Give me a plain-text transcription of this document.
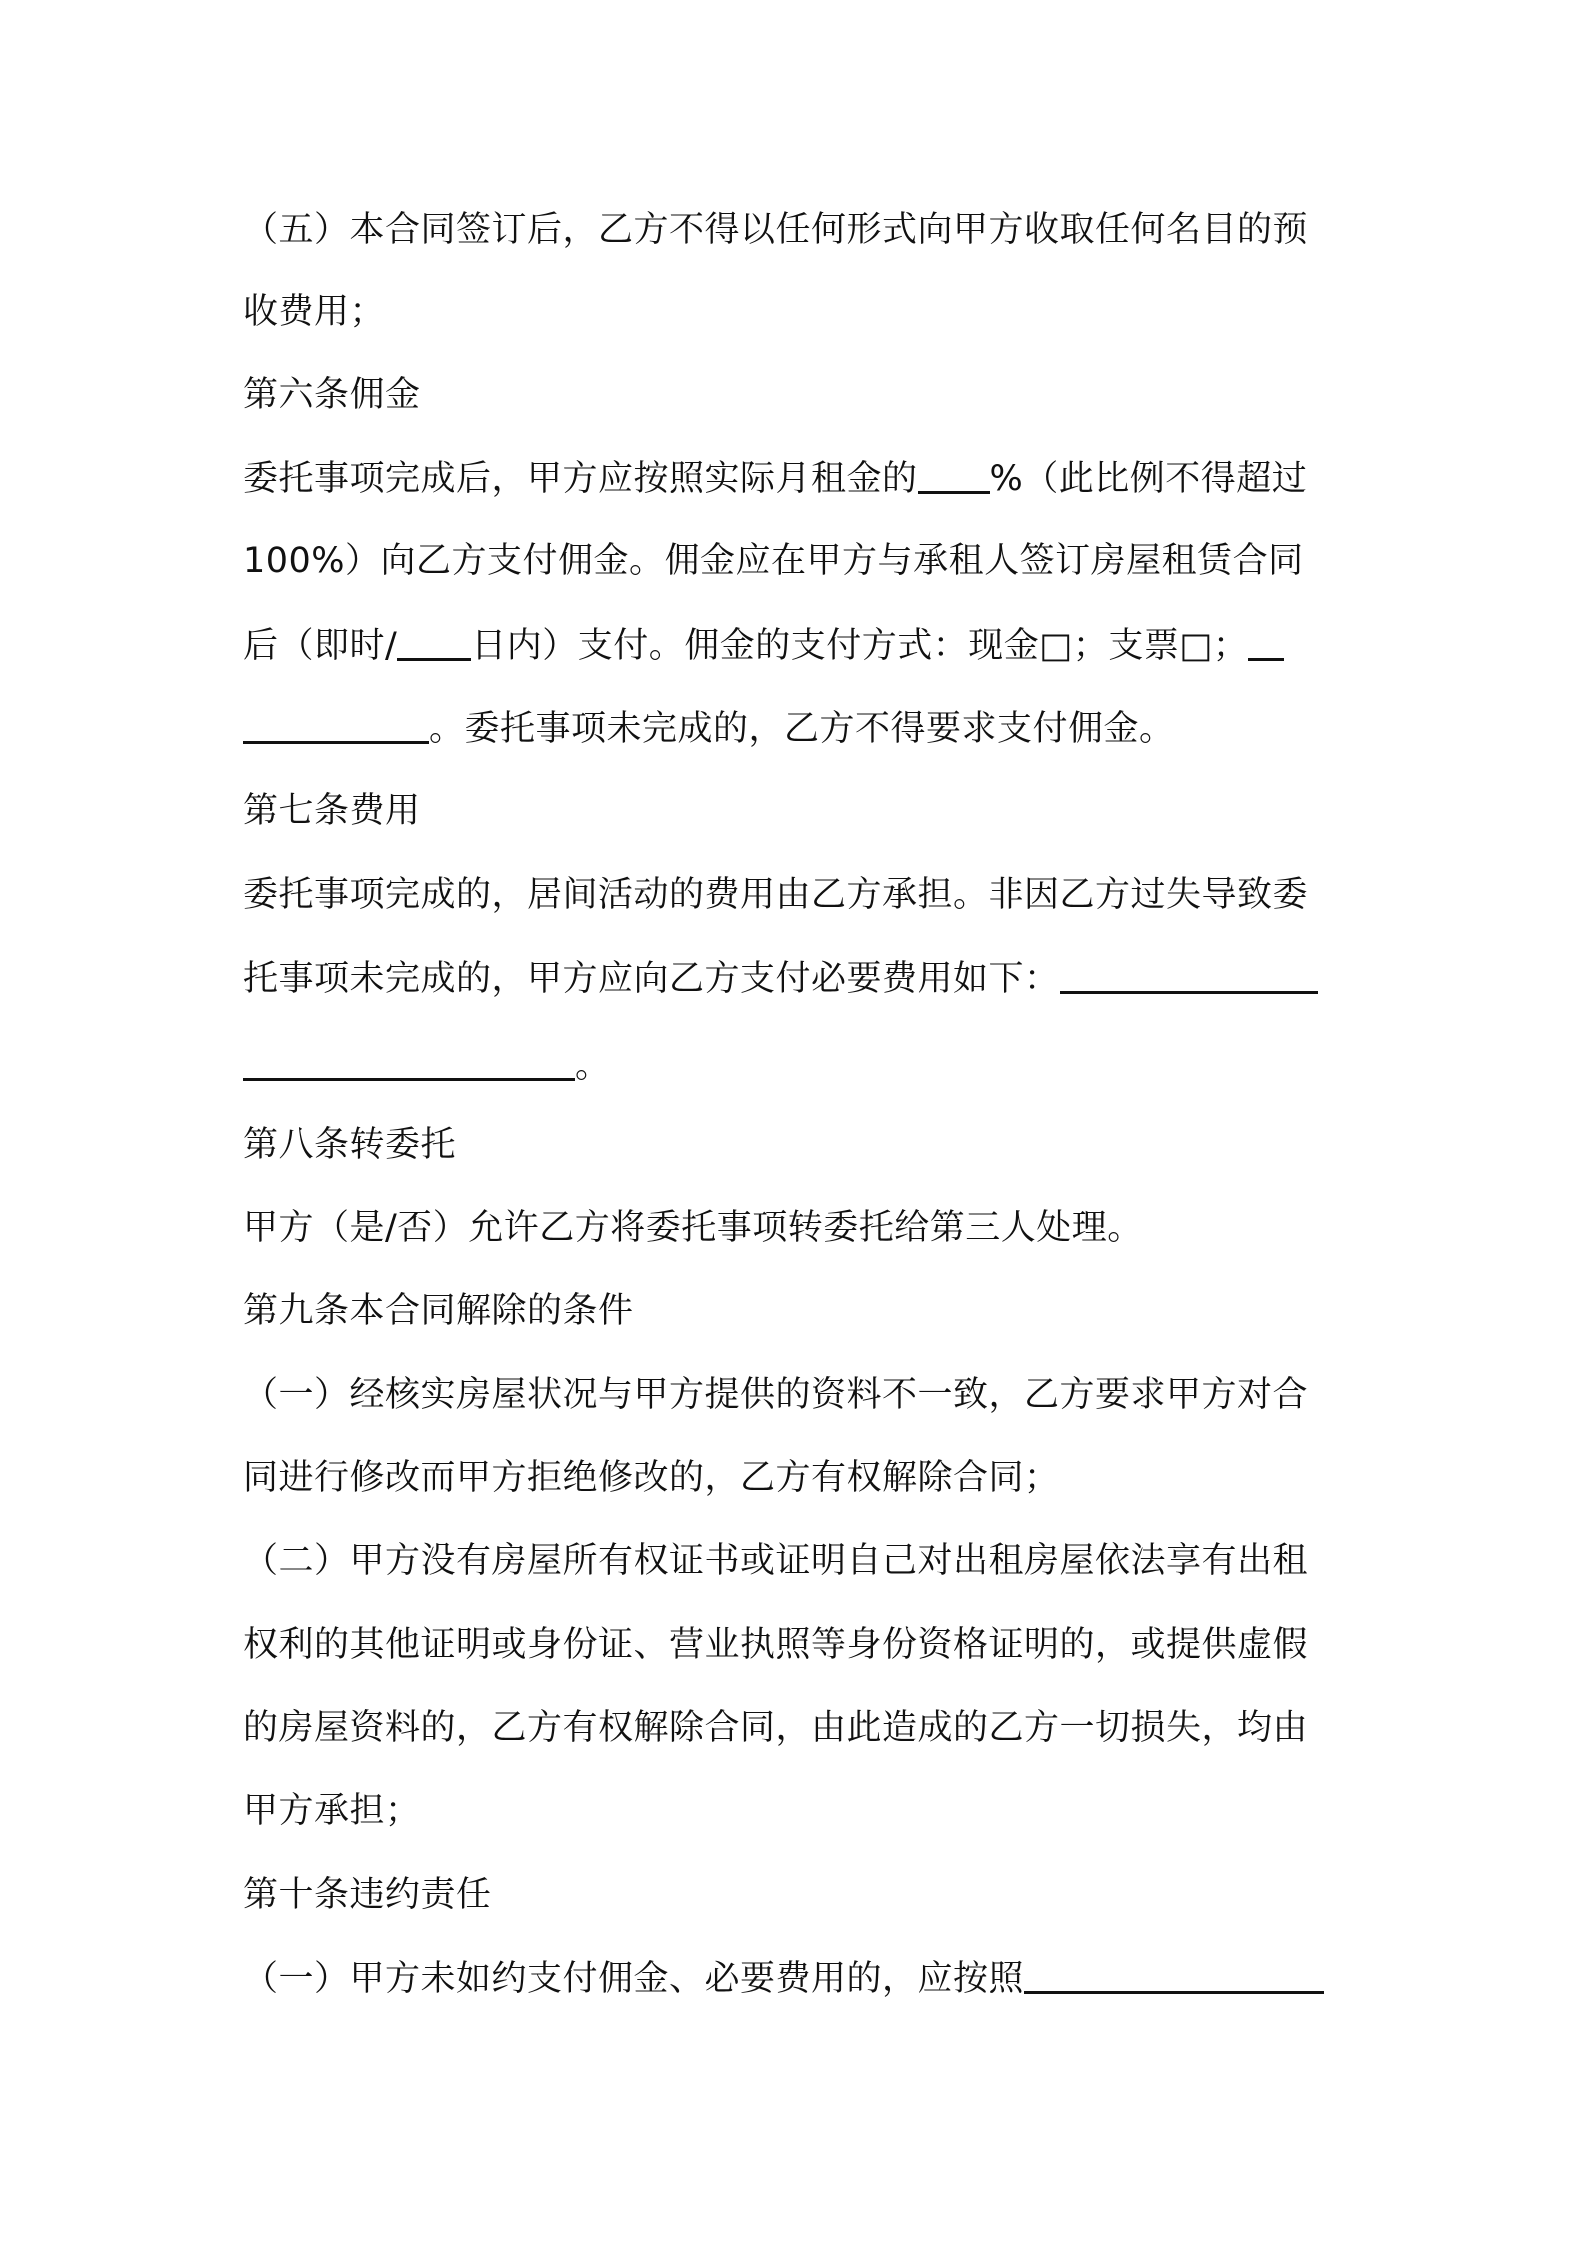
（五）本合同签订后，乙方不得以任何形式向甲方收取任何名目的预
收费用；
第六条佣金
委托事项完成后，甲方应按照实际月租金的 %（此比例不得超过
100%）向乙方支付佣金。佣金应在甲方与承租人签订房屋租赁合同
后（即时/ 日内）支付。佣金的支付方式：现金□；支票□；
。委托事项未完成的，乙方不得要求支付佣金。
第七条费用
委托事项完成的，居间活动的费用由乙方承担。非因乙方过失导致委
托事项未完成的，甲方应向乙方支付必要费用如下：
。
第八条转委托
甲方（是/否）允许乙方将委托事项转委托给第三人处理。
第九条本合同解除的条件
（一）经核实房屋状况与甲方提供的资料不一致，乙方要求甲方对合
同进行修改而甲方拒绝修改的，乙方有权解除合同；
（二）甲方没有房屋所有权证书或证明自己对出租房屋依法享有出租
权利的其他证明或身份证、营业执照等身份资格证明的，或提供虚假
的房屋资料的，乙方有权解除合同，由此造成的乙方一切损失，均由
甲方承担；
第十条违约责任
（一）甲方未如约支付佣金、必要费用的，应按照
